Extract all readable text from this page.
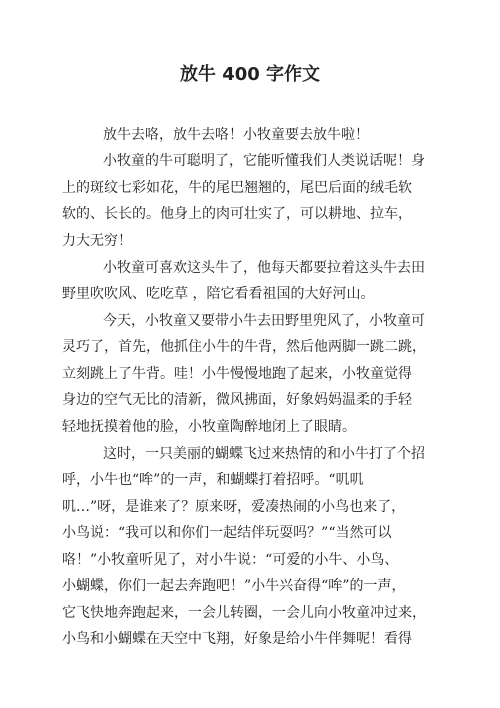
放牛 400 字作文

放牛去咯，放牛去咯！小牧童要去放牛啦！

小牧童的牛可聪明了，它能听懂我们人类说话呢！身

上的斑纹七彩如花，牛的尾巴翘翘的，尾巴后面的绒毛软

软的、长长的。他身上的肉可壮实了，可以耕地、拉车，

力大无穷！

小牧童可喜欢这头牛了，他每天都要拉着这头牛去田

野里吹吹风、吃吃草 ，陪它看看祖国的大好河山。

今天，小牧童又要带小牛去田野里兜风了，小牧童可

灵巧了，首先，他抓住小牛的牛背，然后他两脚一跳二跳，

立刻跳上了牛背。哇！小牛慢慢地跑了起来，小牧童觉得

身边的空气无比的清新，微风拂面，好象妈妈温柔的手轻

轻地抚摸着他的脸，小牧童陶醉地闭上了眼睛。

这时，一只美丽的蝴蝶飞过来热情的和小牛打了个招

呼，小牛也“哞”的一声，和蝴蝶打着招呼。“叽叽

叽…”呀，是谁来了？原来呀，爱凑热闹的小鸟也来了，

小鸟说：“我可以和你们一起结伴玩耍吗？”“当然可以

咯！”小牧童听见了，对小牛说：“可爱的小牛、小鸟、

小蝴蝶，你们一起去奔跑吧！”小牛兴奋得“哞”的一声，

它飞快地奔跑起来，一会儿转圈，一会儿向小牧童冲过来，

小鸟和小蝴蝶在天空中飞翔，好象是给小牛伴舞呢！看得
